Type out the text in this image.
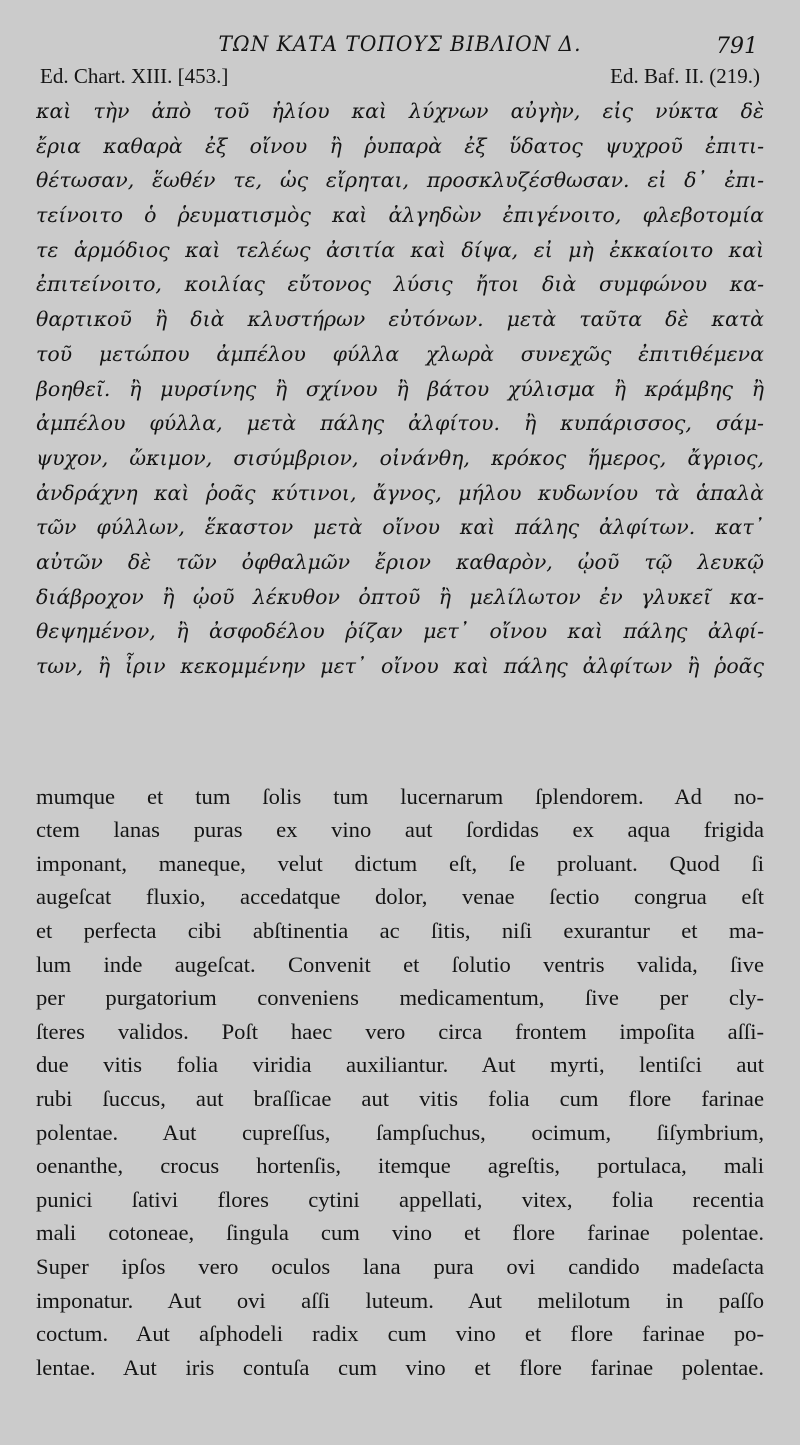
ΤΩΝ ΚΑΤΑ ΤΟΠΟΥΣ ΒΙΒΛΙΟΝ Δ.	791
Ed. Chart. XIII. [453.]	Ed. Baf. II. (219.)
καὶ τὴν ἀπὸ τοῦ ἡλίου καὶ λύχνων αὐγὴν, εἰς νύκτα δὲ
ἔρια καθαρὰ ἐξ οἴνου ἢ ῥυπαρὰ ἐξ ὕδατος ψυχροῦ ἐπιτι-
θέτωσαν, ἕωθέν τε, ὡς εἴρηται, προσκλυζέσθωσαν. εἰ δ᾽ ἐπι-
τείνοιτο ὁ ῥευματισμὸς καὶ ἀλγηδὼν ἐπιγένοιτο, φλεβοτομία
τε ἁρμόδιος καὶ τελέως ἀσιτία καὶ δίψα, εἰ μὴ ἐκκαίοιτο καὶ
ἐπιτείνοιτο, κοιλίας εὔτονος λύσις ἤτοι διὰ συμφώνου κα-
θαρτικοῦ ἢ διὰ κλυστήρων εὐτόνων. μετὰ ταῦτα δὲ κατὰ
τοῦ μετώπου ἀμπέλου φύλλα χλωρὰ συνεχῶς ἐπιτιθέμενα
βοηθεῖ. ἢ μυρσίνης ἢ σχίνου ἢ βάτου χύλισμα ἢ κράμβης ἢ
ἀμπέλου φύλλα, μετὰ πάλης ἀλφίτου. ἢ κυπάρισσος, σάμ-
ψυχον, ὤκιμον, σισύμβριον, οἰνάνθη, κρόκος ἥμερος, ἄγριος,
ἀνδράχνη καὶ ῥοᾶς κύτινοι, ἄγνος, μήλου κυδωνίου τὰ ἁπαλὰ
τῶν φύλλων, ἕκαστον μετὰ οἴνου καὶ πάλης ἀλφίτων. κατ᾽
αὐτῶν δὲ τῶν ὀφθαλμῶν ἔριον καθαρὸν, ᾠοῦ τῷ λευκῷ
διάβροχον ἢ ᾠοῦ λέκυθον ὀπτοῦ ἢ μελίλωτον ἐν γλυκεῖ κα-
θεψημένον, ἢ ἀσφοδέλου ῥίζαν μετ᾽ οἴνου καὶ πάλης ἀλφί-
των, ἢ ἶριν κεκομμένην μετ᾽ οἴνου καὶ πάλης ἀλφίτων ἢ ῥοᾶς
mumque et tum ſolis tum lucernarum ſplendorem. Ad no-
ctem lanas puras ex vino aut ſordidas ex aqua frigida
imponant, maneque, velut dictum eſt, ſe proluant. Quod ſi
augeſcat fluxio, accedatque dolor, venae ſectio congrua eſt
et perfecta cibi abſtinentia ac ſitis, niſi exurantur et ma-
lum inde augeſcat. Convenit et ſolutio ventris valida, ſive
per purgatorium conveniens medicamentum, ſive per cly-
ſteres validos. Poſt haec vero circa frontem impoſita aſſi-
due vitis folia viridia auxiliantur. Aut myrti, lentiſci aut
rubi ſuccus, aut braſſicae aut vitis folia cum flore farinae
polentae. Aut cupreſſus, ſampſuchus, ocimum, ſiſymbrium,
oenanthe, crocus hortenſis, itemque agreſtis, portulaca, mali
punici ſativi flores cytini appellati, vitex, folia recentia
mali cotoneae, ſingula cum vino et flore farinae polentae.
Super ipſos vero oculos lana pura ovi candido madeſacta
imponatur. Aut ovi aſſi luteum. Aut melilotum in paſſo
coctum. Aut aſphodeli radix cum vino et flore farinae po-
lentae. Aut iris contuſa cum vino et flore farinae polentae.
